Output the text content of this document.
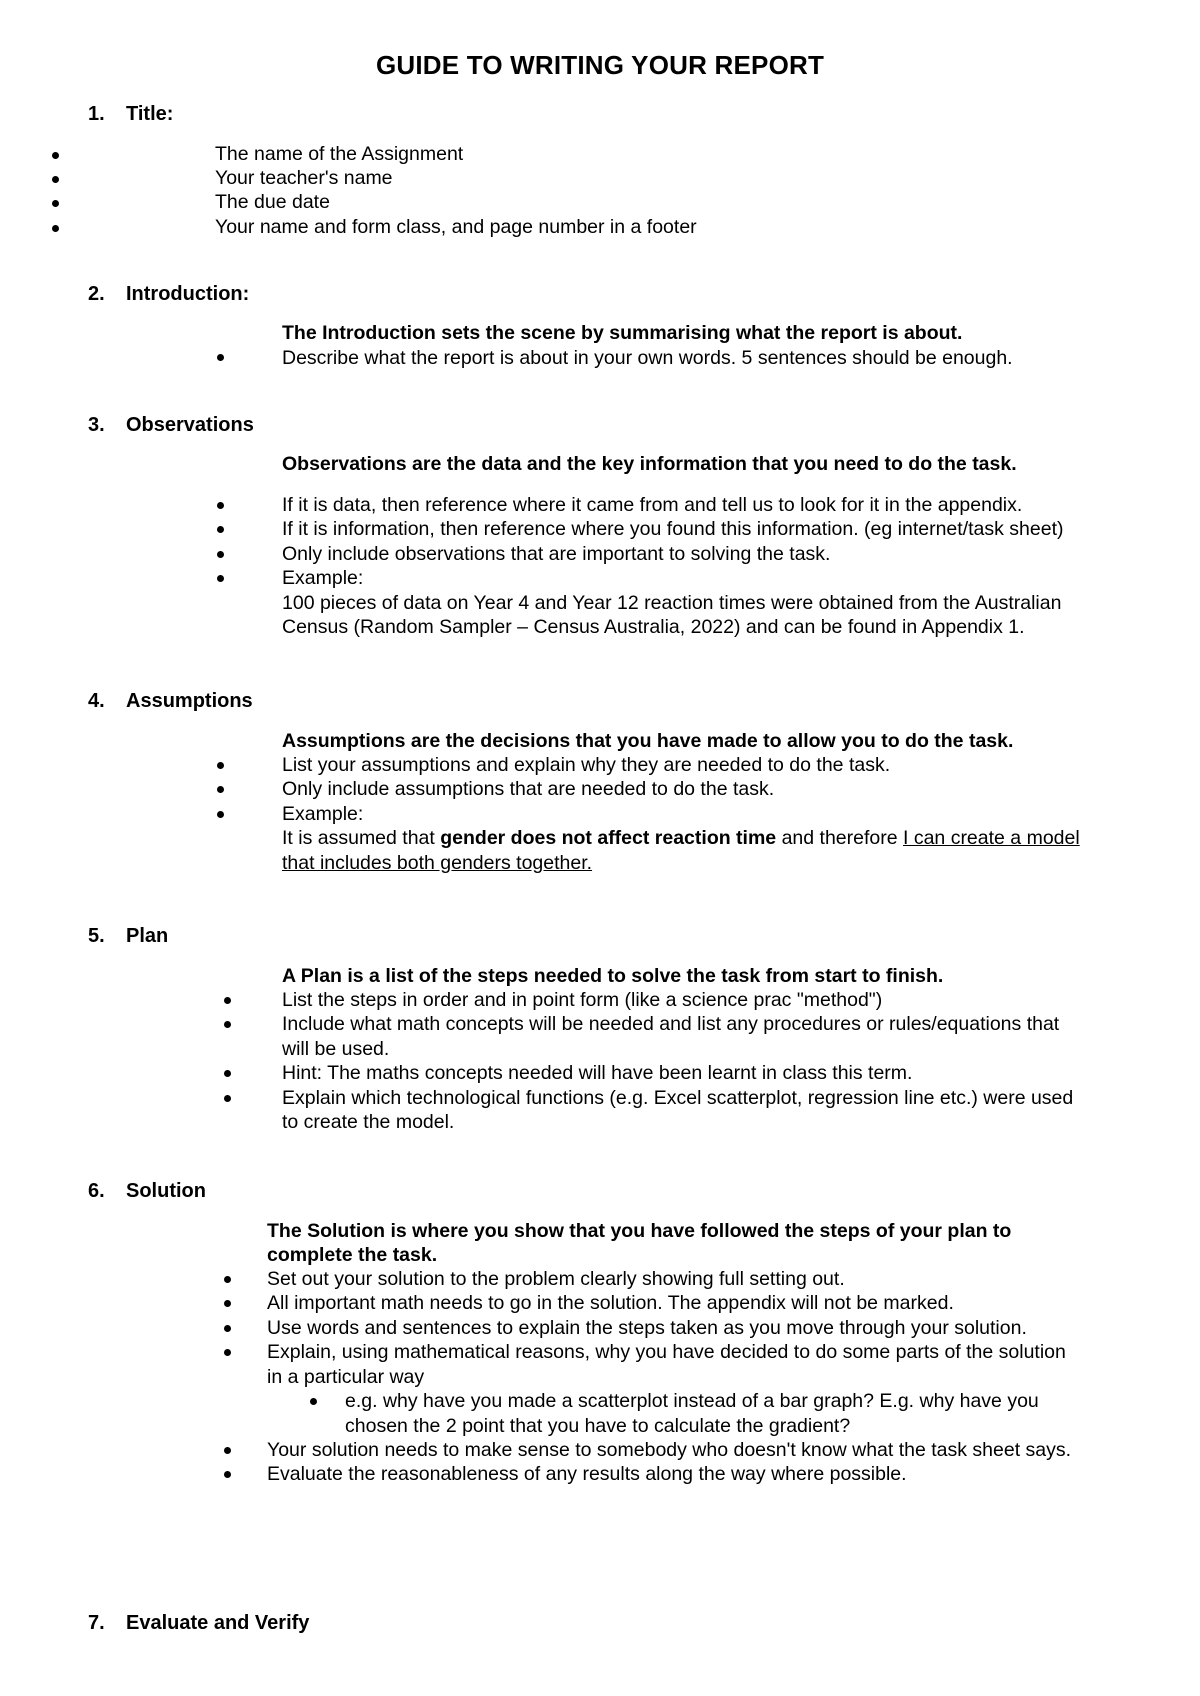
GUIDE TO WRITING YOUR REPORT
1. Title:
The name of the Assignment
Your teacher's name
The due date
Your name and form class, and page number in a footer
2. Introduction:
The Introduction sets the scene by summarising what the report is about.
Describe what the report is about in your own words. 5 sentences should be enough.
3. Observations
Observations are the data and the key information that you need to do the task.
If it is data, then reference where it came from and tell us to look for it in the appendix.
If it is information, then reference where you found this information. (eg internet/task sheet)
Only include observations that are important to solving the task.
Example:
100 pieces of data on Year 4 and Year 12 reaction times were obtained from the Australian
Census (Random Sampler – Census Australia, 2022) and can be found in Appendix 1.
4. Assumptions
Assumptions are the decisions that you have made to allow you to do the task.
List your assumptions and explain why they are needed to do the task.
Only include assumptions that are needed to do the task.
Example:
It is assumed that gender does not affect reaction time and therefore I can create a model
that includes both genders together.
5. Plan
A Plan is a list of the steps needed to solve the task from start to finish.
List the steps in order and in point form (like a science prac "method")
Include what math concepts will be needed and list any procedures or rules/equations that
will be used.
Hint: The maths concepts needed will have been learnt in class this term.
Explain which technological functions (e.g. Excel scatterplot, regression line etc.) were used
to create the model.
6. Solution
The Solution is where you show that you have followed the steps of your plan to
complete the task.
Set out your solution to the problem clearly showing full setting out.
All important math needs to go in the solution. The appendix will not be marked.
Use words and sentences to explain the steps taken as you move through your solution.
Explain, using mathematical reasons, why you have decided to do some parts of the solution
in a particular way
e.g. why have you made a scatterplot instead of a bar graph? E.g. why have you
chosen the 2 point that you have to calculate the gradient?
Your solution needs to make sense to somebody who doesn't know what the task sheet says.
Evaluate the reasonableness of any results along the way where possible.
7. Evaluate and Verify
